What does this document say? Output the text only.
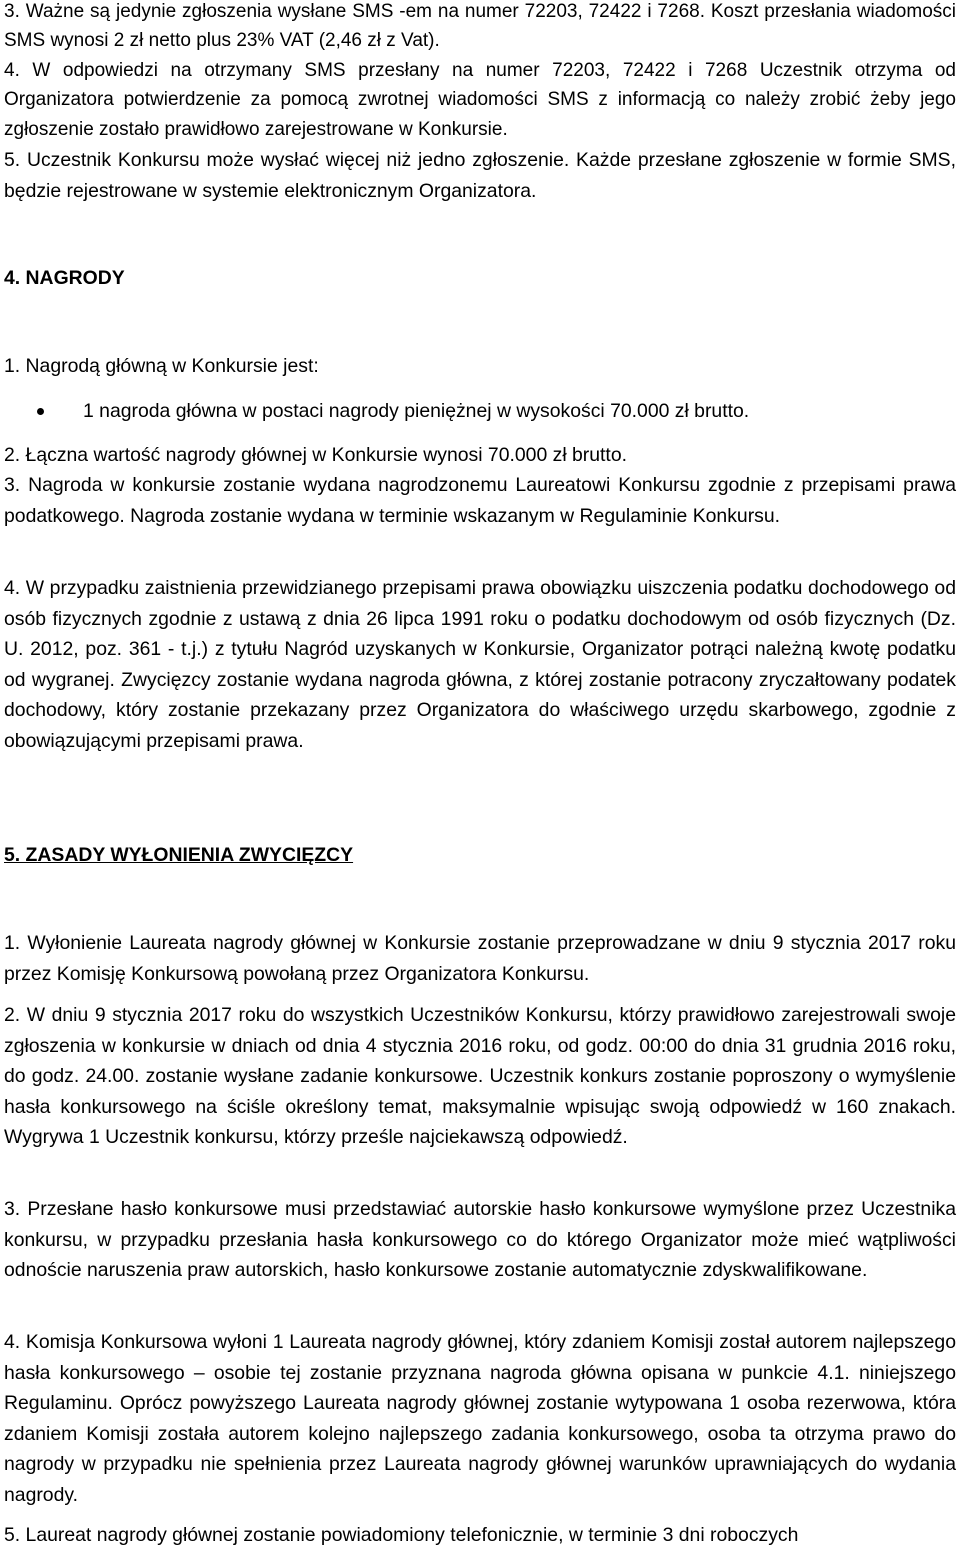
3. Ważne są jedynie zgłoszenia wysłane SMS -em na numer 72203, 72422 i 7268. Koszt przesłania wiadomości SMS wynosi 2 zł netto plus 23% VAT (2,46 zł z Vat).

4. W odpowiedzi na otrzymany SMS przesłany na numer 72203, 72422 i 7268 Uczestnik otrzyma od Organizatora potwierdzenie za pomocą zwrotnej wiadomości SMS z informacją co należy zrobić żeby jego zgłoszenie zostało prawidłowo zarejestrowane w Konkursie.

5. Uczestnik Konkursu może wysłać więcej niż jedno zgłoszenie. Każde przesłane zgłoszenie w formie SMS, będzie rejestrowane w systemie elektronicznym Organizatora.

4. NAGRODY

1. Nagrodą główną w Konkursie jest:

1 nagroda główna w postaci nagrody pieniężnej w wysokości 70.000 zł brutto.

2. Łączna wartość nagrody głównej w Konkursie wynosi 70.000 zł brutto.

3. Nagroda w konkursie zostanie wydana nagrodzonemu Laureatowi Konkursu zgodnie z przepisami prawa podatkowego. Nagroda zostanie wydana w terminie wskazanym w Regulaminie Konkursu.

4. W przypadku zaistnienia przewidzianego przepisami prawa obowiązku uiszczenia podatku dochodowego od osób fizycznych zgodnie z ustawą z dnia 26 lipca 1991 roku o podatku dochodowym od osób fizycznych (Dz. U. 2012, poz. 361 - t.j.) z tytułu Nagród uzyskanych w Konkursie, Organizator potrąci należną kwotę podatku od wygranej. Zwycięzcy zostanie wydana nagroda główna, z której zostanie potracony zryczałtowany podatek dochodowy, który zostanie przekazany przez Organizatora do właściwego urzędu skarbowego, zgodnie z obowiązującymi przepisami prawa.

5. ZASADY WYŁONIENIA ZWYCIĘZCY

1. Wyłonienie Laureata nagrody głównej w Konkursie zostanie przeprowadzane w dniu 9 stycznia 2017 roku przez Komisję Konkursową powołaną przez Organizatora Konkursu.

2. W dniu 9 stycznia 2017 roku do wszystkich Uczestników Konkursu, którzy prawidłowo zarejestrowali swoje zgłoszenia w konkursie w dniach od dnia 4 stycznia 2016 roku, od godz. 00:00 do dnia 31 grudnia 2016 roku, do godz. 24.00. zostanie wysłane zadanie konkursowe. Uczestnik konkurs zostanie poproszony o wymyślenie hasła konkursowego na ściśle określony temat, maksymalnie wpisując swoją odpowiedź w 160 znakach. Wygrywa 1 Uczestnik konkursu, którzy prześle najciekawszą odpowiedź.

3. Przesłane hasło konkursowe musi przedstawiać autorskie hasło konkursowe wymyślone przez Uczestnika konkursu, w przypadku przesłania hasła konkursowego co do którego Organizator może mieć wątpliwości odnoście naruszenia praw autorskich, hasło konkursowe zostanie automatycznie zdyskwalifikowane.

4. Komisja Konkursowa wyłoni 1 Laureata nagrody głównej, który zdaniem Komisji został autorem najlepszego hasła konkursowego – osobie tej zostanie przyznana nagroda główna opisana w punkcie 4.1. niniejszego Regulaminu. Oprócz powyższego Laureata nagrody głównej zostanie wytypowana 1 osoba rezerwowa, która zdaniem Komisji została autorem kolejno najlepszego zadania konkursowego, osoba ta otrzyma prawo do nagrody w przypadku nie spełnienia przez Laureata nagrody głównej warunków uprawniających do wydania nagrody.

5. Laureat nagrody głównej zostanie powiadomiony telefonicznie, w terminie 3 dni roboczych
